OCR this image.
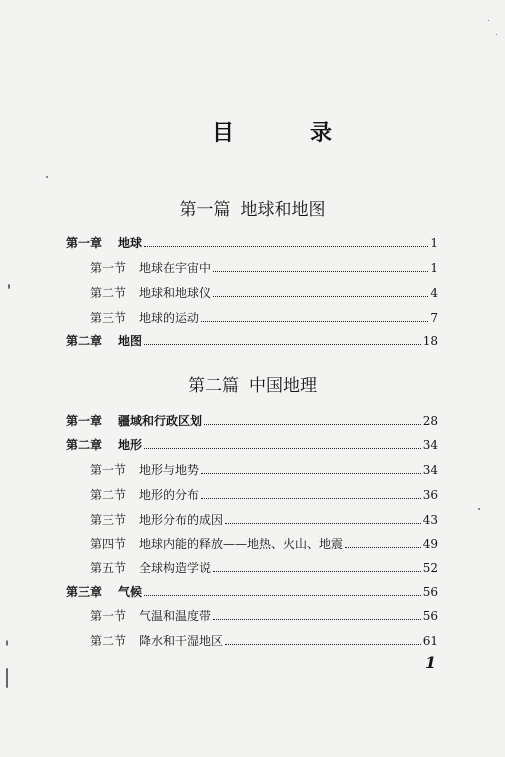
目	录
第一篇 地球和地图
第一章 地球	1
第一节 地球在宇宙中	1
第二节 地球和地球仪	4
第三节 地球的运动	7
第二章 地图	18
第二篇 中国地理
第一章 疆域和行政区划	28
第二章 地形	34
第一节 地形与地势	34
第二节 地形的分布	36
第三节 地形分布的成因	43
第四节 地球内能的释放——地热、火山、地震	49
第五节 全球构造学说	52
第三章 气候	56
第一节 气温和温度带	56
第二节 降水和干湿地区	61
1
